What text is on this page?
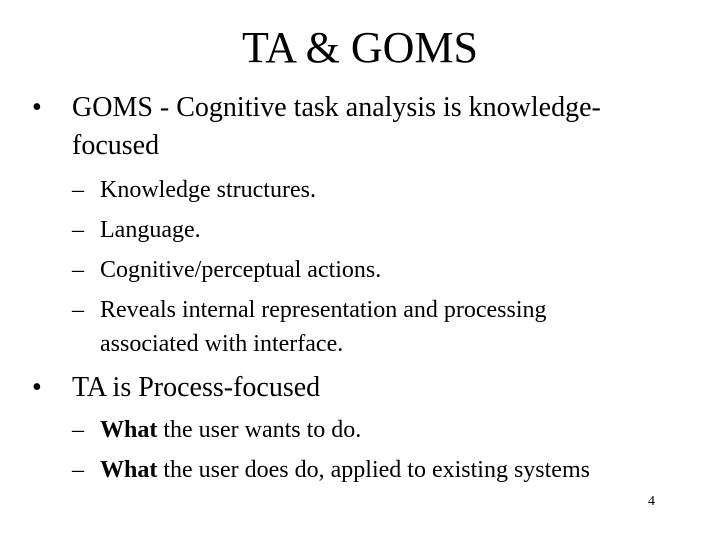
TA & GOMS
•	GOMS - Cognitive task analysis is knowledge-
focused
– Knowledge structures.
– Language.
– Cognitive/perceptual actions.
– Reveals internal representation and processing
associated with interface.
•	TA is Process-focused
– What the user wants to do.
– What the user does do, applied to existing systems
4
